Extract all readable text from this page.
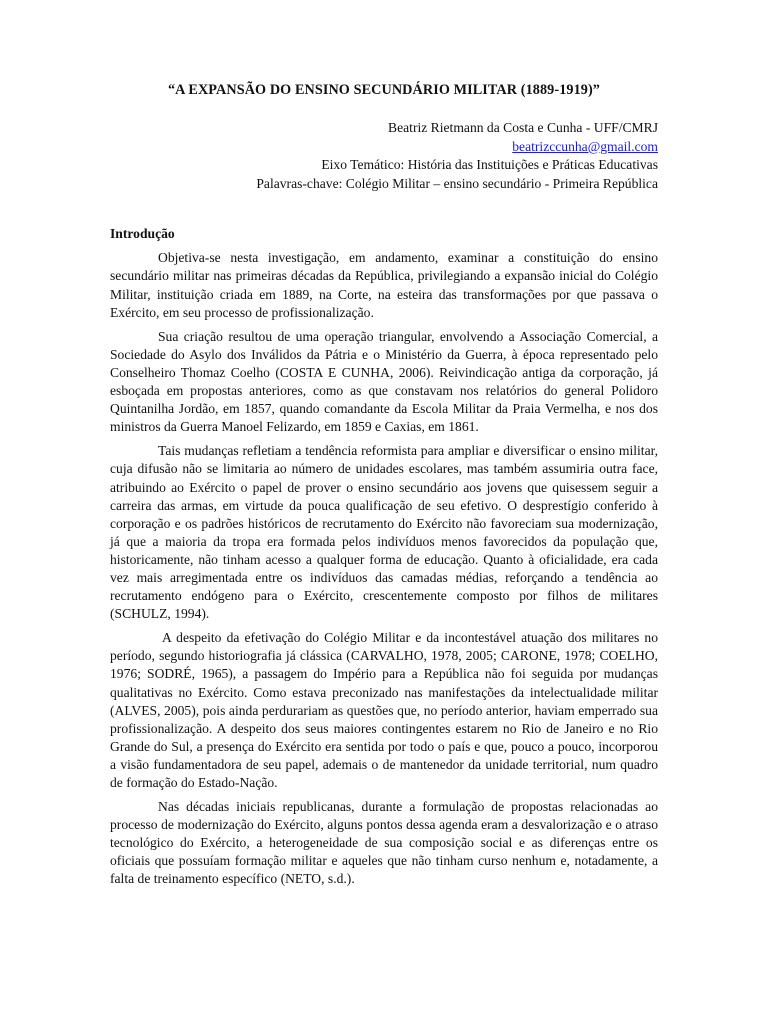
“A EXPANSÃO DO ENSINO SECUNDÁRIO MILITAR (1889-1919)”
Beatriz Rietmann da Costa e Cunha - UFF/CMRJ
beatrizccunha@gmail.com
Eixo Temático: História das Instituições e Práticas Educativas
Palavras-chave: Colégio Militar – ensino secundário - Primeira República
Introdução

Objetiva-se nesta investigação, em andamento, examinar a constituição do ensino secundário militar nas primeiras décadas da República, privilegiando a expansão inicial do Colégio Militar, instituição criada em 1889, na Corte, na esteira das transformações por que passava o Exército, em seu processo de profissionalização.

Sua criação resultou de uma operação triangular, envolvendo a Associação Comercial, a Sociedade do Asylo dos Inválidos da Pátria e o Ministério da Guerra, à época representado pelo Conselheiro Thomaz Coelho (COSTA E CUNHA, 2006). Reivindicação antiga da corporação, já esboçada em propostas anteriores, como as que constavam nos relatórios do general Polidoro Quintanilha Jordão, em 1857, quando comandante da Escola Militar da Praia Vermelha, e nos dos ministros da Guerra Manoel Felizardo, em 1859 e Caxias, em 1861.

Tais mudanças refletiam a tendência reformista para ampliar e diversificar o ensino militar, cuja difusão não se limitaria ao número de unidades escolares, mas também assumiria outra face, atribuindo ao Exército o papel de prover o ensino secundário aos jovens que quisessem seguir a carreira das armas, em virtude da pouca qualificação de seu efetivo. O desprestígio conferido à corporação e os padrões históricos de recrutamento do Exército não favoreciam sua modernização, já que a maioria da tropa era formada pelos indivíduos menos favorecidos da população que, historicamente, não tinham acesso a qualquer forma de educação. Quanto à oficialidade, era cada vez mais arregimentada entre os indivíduos das camadas médias, reforçando a tendência ao recrutamento endógeno para o Exército, crescentemente composto por filhos de militares (SCHULZ, 1994).

A despeito da efetivação do Colégio Militar e da incontestável atuação dos militares no período, segundo historiografia já clássica (CARVALHO, 1978, 2005; CARONE, 1978; COELHO, 1976; SODRÉ, 1965), a passagem do Império para a República não foi seguida por mudanças qualitativas no Exército. Como estava preconizado nas manifestações da intelectualidade militar (ALVES, 2005), pois ainda perdurariam as questões que, no período anterior, haviam emperrado sua profissionalização. A despeito dos seus maiores contingentes estarem no Rio de Janeiro e no Rio Grande do Sul, a presença do Exército era sentida por todo o país e que, pouco a pouco, incorporou a visão fundamentadora de seu papel, ademais o de mantenedor da unidade territorial, num quadro de formação do Estado-Nação.

Nas décadas iniciais republicanas, durante a formulação de propostas relacionadas ao processo de modernização do Exército, alguns pontos dessa agenda eram a desvalorização e o atraso tecnológico do Exército, a heterogeneidade de sua composição social e as diferenças entre os oficiais que possuíam formação militar e aqueles que não tinham curso nenhum e, notadamente, a falta de treinamento específico (NETO, s.d.).
